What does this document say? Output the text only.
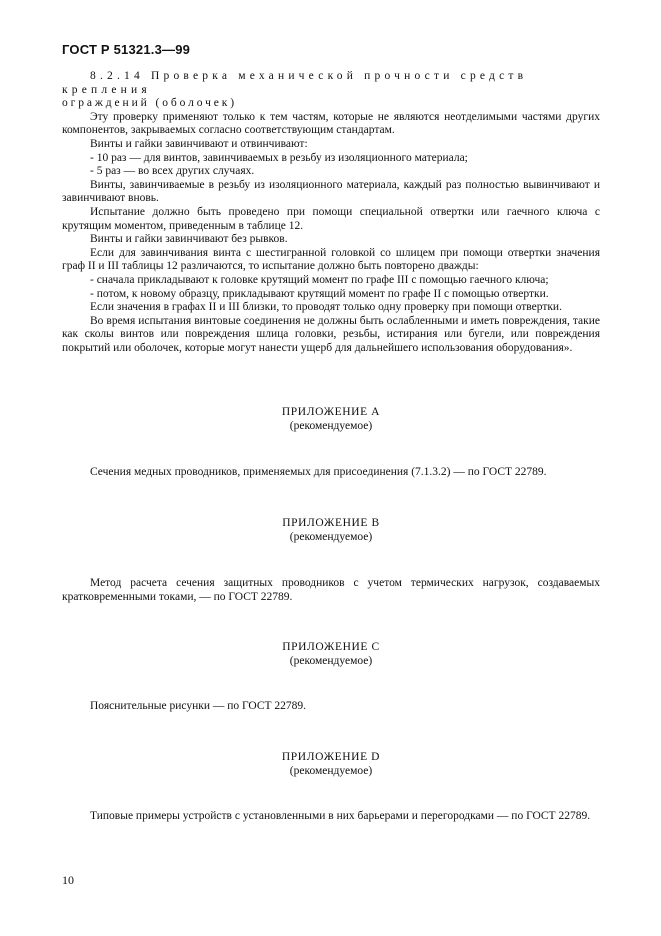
ГОСТ Р 51321.3—99

8.2.14 Проверка механической прочности средств крепления

ограждений (оболочек)

Эту проверку применяют только к тем частям, которые не являются неотделимыми частями других компонентов, закрываемых согласно соответствующим стандартам.

Винты и гайки завинчивают и отвинчивают:

- 10 раз — для винтов, завинчиваемых в резьбу из изоляционного материала;

- 5 раз — во всех других случаях.

Винты, завинчиваемые в резьбу из изоляционного материала, каждый раз полностью вывинчивают и завинчивают вновь.

Испытание должно быть проведено при помощи специальной отвертки или гаечного ключа с крутящим моментом, приведенным в таблице 12.

Винты и гайки завинчивают без рывков.

Если для завинчивания винта с шестигранной головкой со шлицем при помощи отвертки значения граф II и III таблицы 12 различаются, то испытание должно быть повторено дважды:

- сначала прикладывают к головке крутящий момент по графе III с помощью гаечного ключа;

- потом, к новому образцу, прикладывают крутящий момент по графе II с помощью отвертки.

Если значения в графах II и III близки, то проводят только одну проверку при помощи отвертки.

Во время испытания винтовые соединения не должны быть ослабленными и иметь повреждения, такие как сколы винтов или повреждения шлица головки, резьбы, истирания или бугели, или повреждения покрытий или оболочек, которые могут нанести ущерб для дальнейшего использования оборудования».

ПРИЛОЖЕНИЕ А
(рекомендуемое)

Сечения медных проводников, применяемых для присоединения (7.1.3.2) — по ГОСТ 22789.

ПРИЛОЖЕНИЕ В
(рекомендуемое)

Метод расчета сечения защитных проводников с учетом термических нагрузок, создаваемых кратковременными токами, — по ГОСТ 22789.

ПРИЛОЖЕНИЕ С
(рекомендуемое)

Пояснительные рисунки — по ГОСТ 22789.

ПРИЛОЖЕНИЕ D
(рекомендуемое)

Типовые примеры устройств с установленными в них барьерами и перегородками — по ГОСТ 22789.

10
